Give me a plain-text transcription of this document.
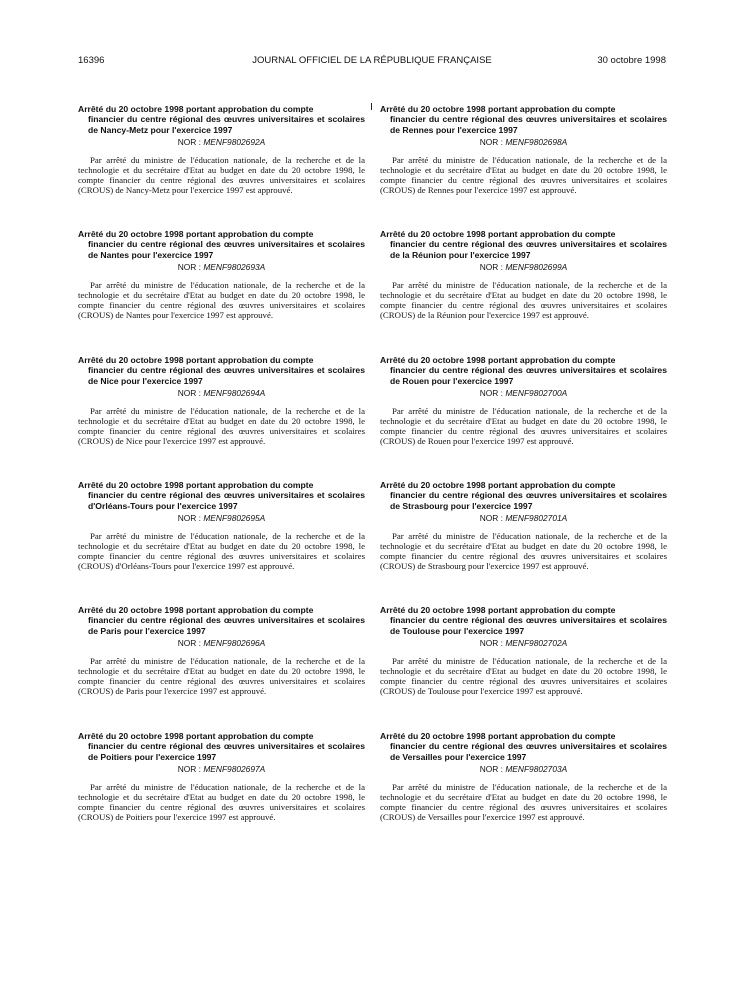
16396	JOURNAL OFFICIEL DE LA RÉPUBLIQUE FRANÇAISE	30 octobre 1998
Arrêté du 20 octobre 1998 portant approbation du compte
financier du centre régional des œuvres universitaires et scolaires de Nancy-Metz pour l'exercice 1997
NOR : MENF9802692A
Par arrêté du ministre de l'éducation nationale, de la recherche et de la technologie et du secrétaire d'Etat au budget en date du 20 octobre 1998, le compte financier du centre régional des œuvres universitaires et scolaires (CROUS) de Nancy-Metz pour l'exercice 1997 est approuvé.
Arrêté du 20 octobre 1998 portant approbation du compte
financier du centre régional des œuvres universitaires et scolaires de Nantes pour l'exercice 1997
NOR : MENF9802693A
Par arrêté du ministre de l'éducation nationale, de la recherche et de la technologie et du secrétaire d'Etat au budget en date du 20 octobre 1998, le compte financier du centre régional des œuvres universitaires et scolaires (CROUS) de Nantes pour l'exercice 1997 est approuvé.
Arrêté du 20 octobre 1998 portant approbation du compte
financier du centre régional des œuvres universitaires et scolaires de Nice pour l'exercice 1997
NOR : MENF9802694A
Par arrêté du ministre de l'éducation nationale, de la recherche et de la technologie et du secrétaire d'Etat au budget en date du 20 octobre 1998, le compte financier du centre régional des œuvres universitaires et scolaires (CROUS) de Nice pour l'exercice 1997 est approuvé.
Arrêté du 20 octobre 1998 portant approbation du compte
financier du centre régional des œuvres universitaires et scolaires d'Orléans-Tours pour l'exercice 1997
NOR : MENF9802695A
Par arrêté du ministre de l'éducation nationale, de la recherche et de la technologie et du secrétaire d'Etat au budget en date du 20 octobre 1998, le compte financier du centre régional des œuvres universitaires et scolaires (CROUS) d'Orléans-Tours pour l'exercice 1997 est approuvé.
Arrêté du 20 octobre 1998 portant approbation du compte
financier du centre régional des œuvres universitaires et scolaires de Paris pour l'exercice 1997
NOR : MENF9802696A
Par arrêté du ministre de l'éducation nationale, de la recherche et de la technologie et du secrétaire d'Etat au budget en date du 20 octobre 1998, le compte financier du centre régional des œuvres universitaires et scolaires (CROUS) de Paris pour l'exercice 1997 est approuvé.
Arrêté du 20 octobre 1998 portant approbation du compte
financier du centre régional des œuvres universitaires et scolaires de Poitiers pour l'exercice 1997
NOR : MENF9802697A
Par arrêté du ministre de l'éducation nationale, de la recherche et de la technologie et du secrétaire d'Etat au budget en date du 20 octobre 1998, le compte financier du centre régional des œuvres universitaires et scolaires (CROUS) de Poitiers pour l'exercice 1997 est approuvé.
Arrêté du 20 octobre 1998 portant approbation du compte
financier du centre régional des œuvres universitaires et scolaires de Rennes pour l'exercice 1997
NOR : MENF9802698A
Par arrêté du ministre de l'éducation nationale, de la recherche et de la technologie et du secrétaire d'Etat au budget en date du 20 octobre 1998, le compte financier du centre régional des œuvres universitaires et scolaires (CROUS) de Rennes pour l'exercice 1997 est approuvé.
Arrêté du 20 octobre 1998 portant approbation du compte
financier du centre régional des œuvres universitaires et scolaires de la Réunion pour l'exercice 1997
NOR : MENF9802699A
Par arrêté du ministre de l'éducation nationale, de la recherche et de la technologie et du secrétaire d'Etat au budget en date du 20 octobre 1998, le compte financier du centre régional des œuvres universitaires et scolaires (CROUS) de la Réunion pour l'exercice 1997 est approuvé.
Arrêté du 20 octobre 1998 portant approbation du compte
financier du centre régional des œuvres universitaires et scolaires de Rouen pour l'exercice 1997
NOR : MENF9802700A
Par arrêté du ministre de l'éducation nationale, de la recherche et de la technologie et du secrétaire d'Etat au budget en date du 20 octobre 1998, le compte financier du centre régional des œuvres universitaires et scolaires (CROUS) de Rouen pour l'exercice 1997 est approuvé.
Arrêté du 20 octobre 1998 portant approbation du compte
financier du centre régional des œuvres universitaires et scolaires de Strasbourg pour l'exercice 1997
NOR : MENF9802701A
Par arrêté du ministre de l'éducation nationale, de la recherche et de la technologie et du secrétaire d'Etat au budget en date du 20 octobre 1998, le compte financier du centre régional des œuvres universitaires et scolaires (CROUS) de Strasbourg pour l'exercice 1997 est approuvé.
Arrêté du 20 octobre 1998 portant approbation du compte
financier du centre régional des œuvres universitaires et scolaires de Toulouse pour l'exercice 1997
NOR : MENF9802702A
Par arrêté du ministre de l'éducation nationale, de la recherche et de la technologie et du secrétaire d'Etat au budget en date du 20 octobre 1998, le compte financier du centre régional des œuvres universitaires et scolaires (CROUS) de Toulouse pour l'exercice 1997 est approuvé.
Arrêté du 20 octobre 1998 portant approbation du compte
financier du centre régional des œuvres universitaires et scolaires de Versailles pour l'exercice 1997
NOR : MENF9802703A
Par arrêté du ministre de l'éducation nationale, de la recherche et de la technologie et du secrétaire d'Etat au budget en date du 20 octobre 1998, le compte financier du centre régional des œuvres universitaires et scolaires (CROUS) de Versailles pour l'exercice 1997 est approuvé.
